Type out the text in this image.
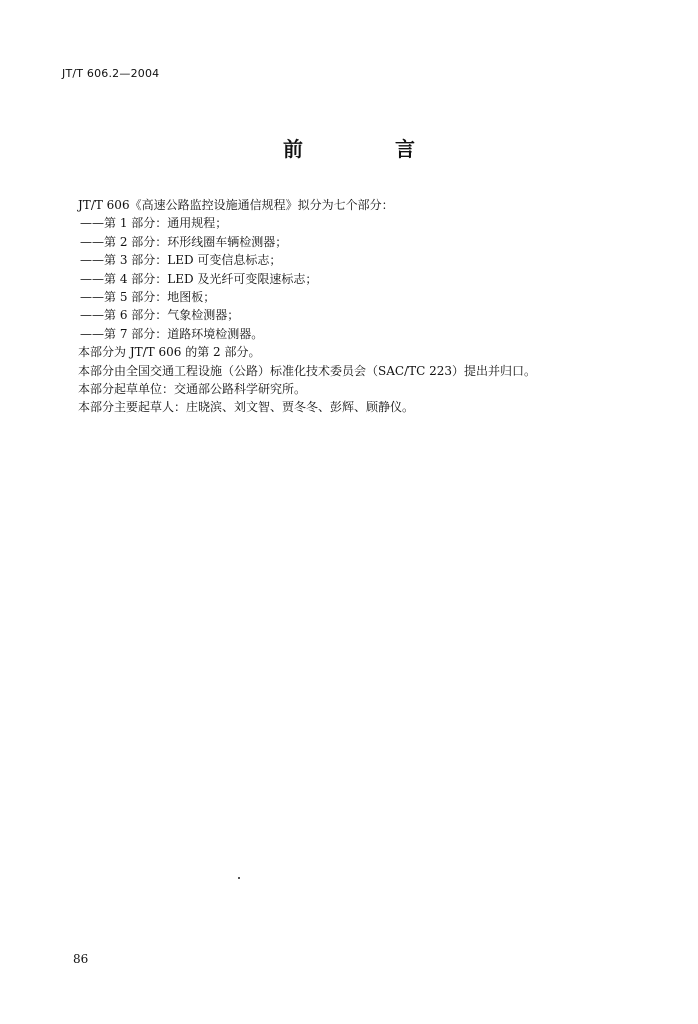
JT/T 606.2—2004
前　言
JT/T 606《高速公路监控设施通信规程》拟分为七个部分：
——第 1 部分：通用规程；
——第 2 部分：环形线圈车辆检测器；
——第 3 部分：LED 可变信息标志；
——第 4 部分：LED 及光纤可变限速标志；
——第 5 部分：地图板；
——第 6 部分：气象检测器；
——第 7 部分：道路环境检测器。
本部分为 JT/T 606 的第 2 部分。
本部分由全国交通工程设施（公路）标准化技术委员会（SAC/TC 223）提出并归口。
本部分起草单位：交通部公路科学研究所。
本部分主要起草人：庄晓滨、刘文智、贾冬冬、彭辉、顾静仪。
86
